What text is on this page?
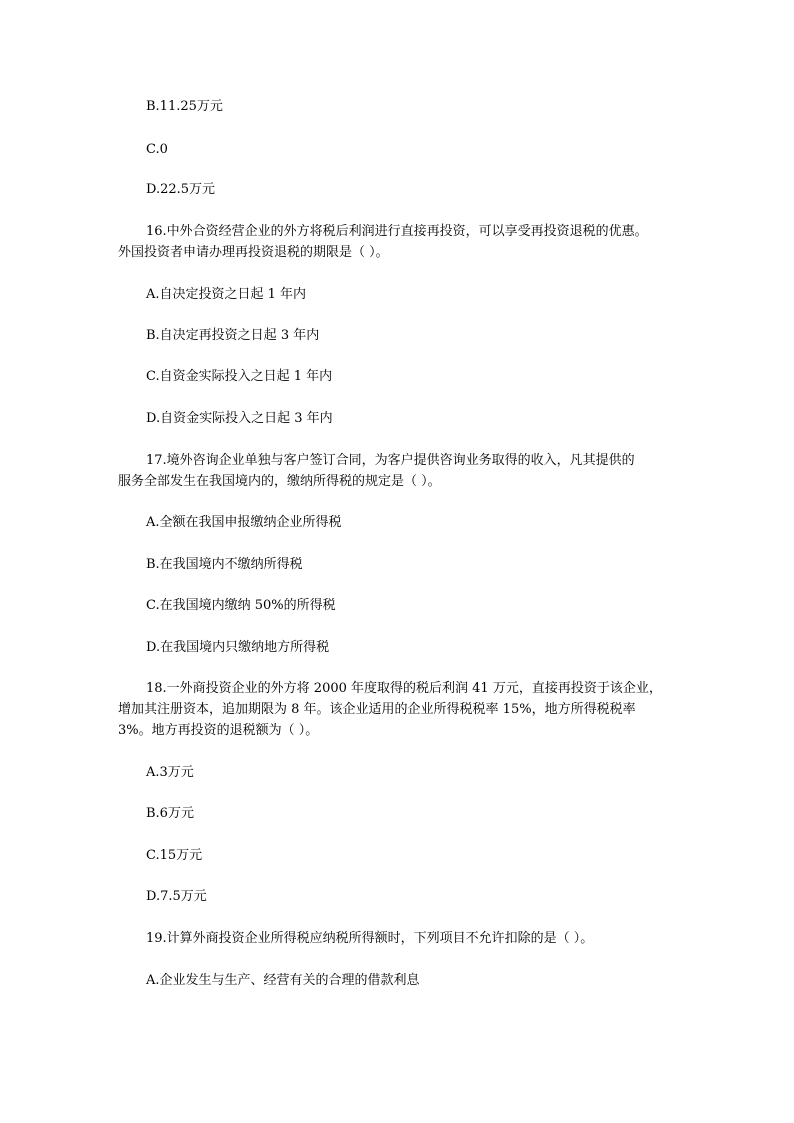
B.11.25万元
C.0
D.22.5万元
16.中外合资经营企业的外方将税后利润进行直接再投资，可以享受再投资退税的优惠。
外国投资者申请办理再投资退税的期限是（ ）。
A.自决定投资之日起 1 年内
B.自决定再投资之日起 3 年内
C.自资金实际投入之日起 1 年内
D.自资金实际投入之日起 3 年内
17.境外咨询企业单独与客户签订合同，为客户提供咨询业务取得的收入，凡其提供的
服务全部发生在我国境内的，缴纳所得税的规定是（ ）。
A.全额在我国申报缴纳企业所得税
B.在我国境内不缴纳所得税
C.在我国境内缴纳 50%的所得税
D.在我国境内只缴纳地方所得税
18.一外商投资企业的外方将 2000 年度取得的税后利润 41 万元，直接再投资于该企业，
增加其注册资本，追加期限为 8 年。该企业适用的企业所得税税率 15%，地方所得税税率
3%。地方再投资的退税额为（ ）。
A.3万元
B.6万元
C.15万元
D.7.5万元
19.计算外商投资企业所得税应纳税所得额时，下列项目不允许扣除的是（ ）。
A.企业发生与生产、经营有关的合理的借款利息
